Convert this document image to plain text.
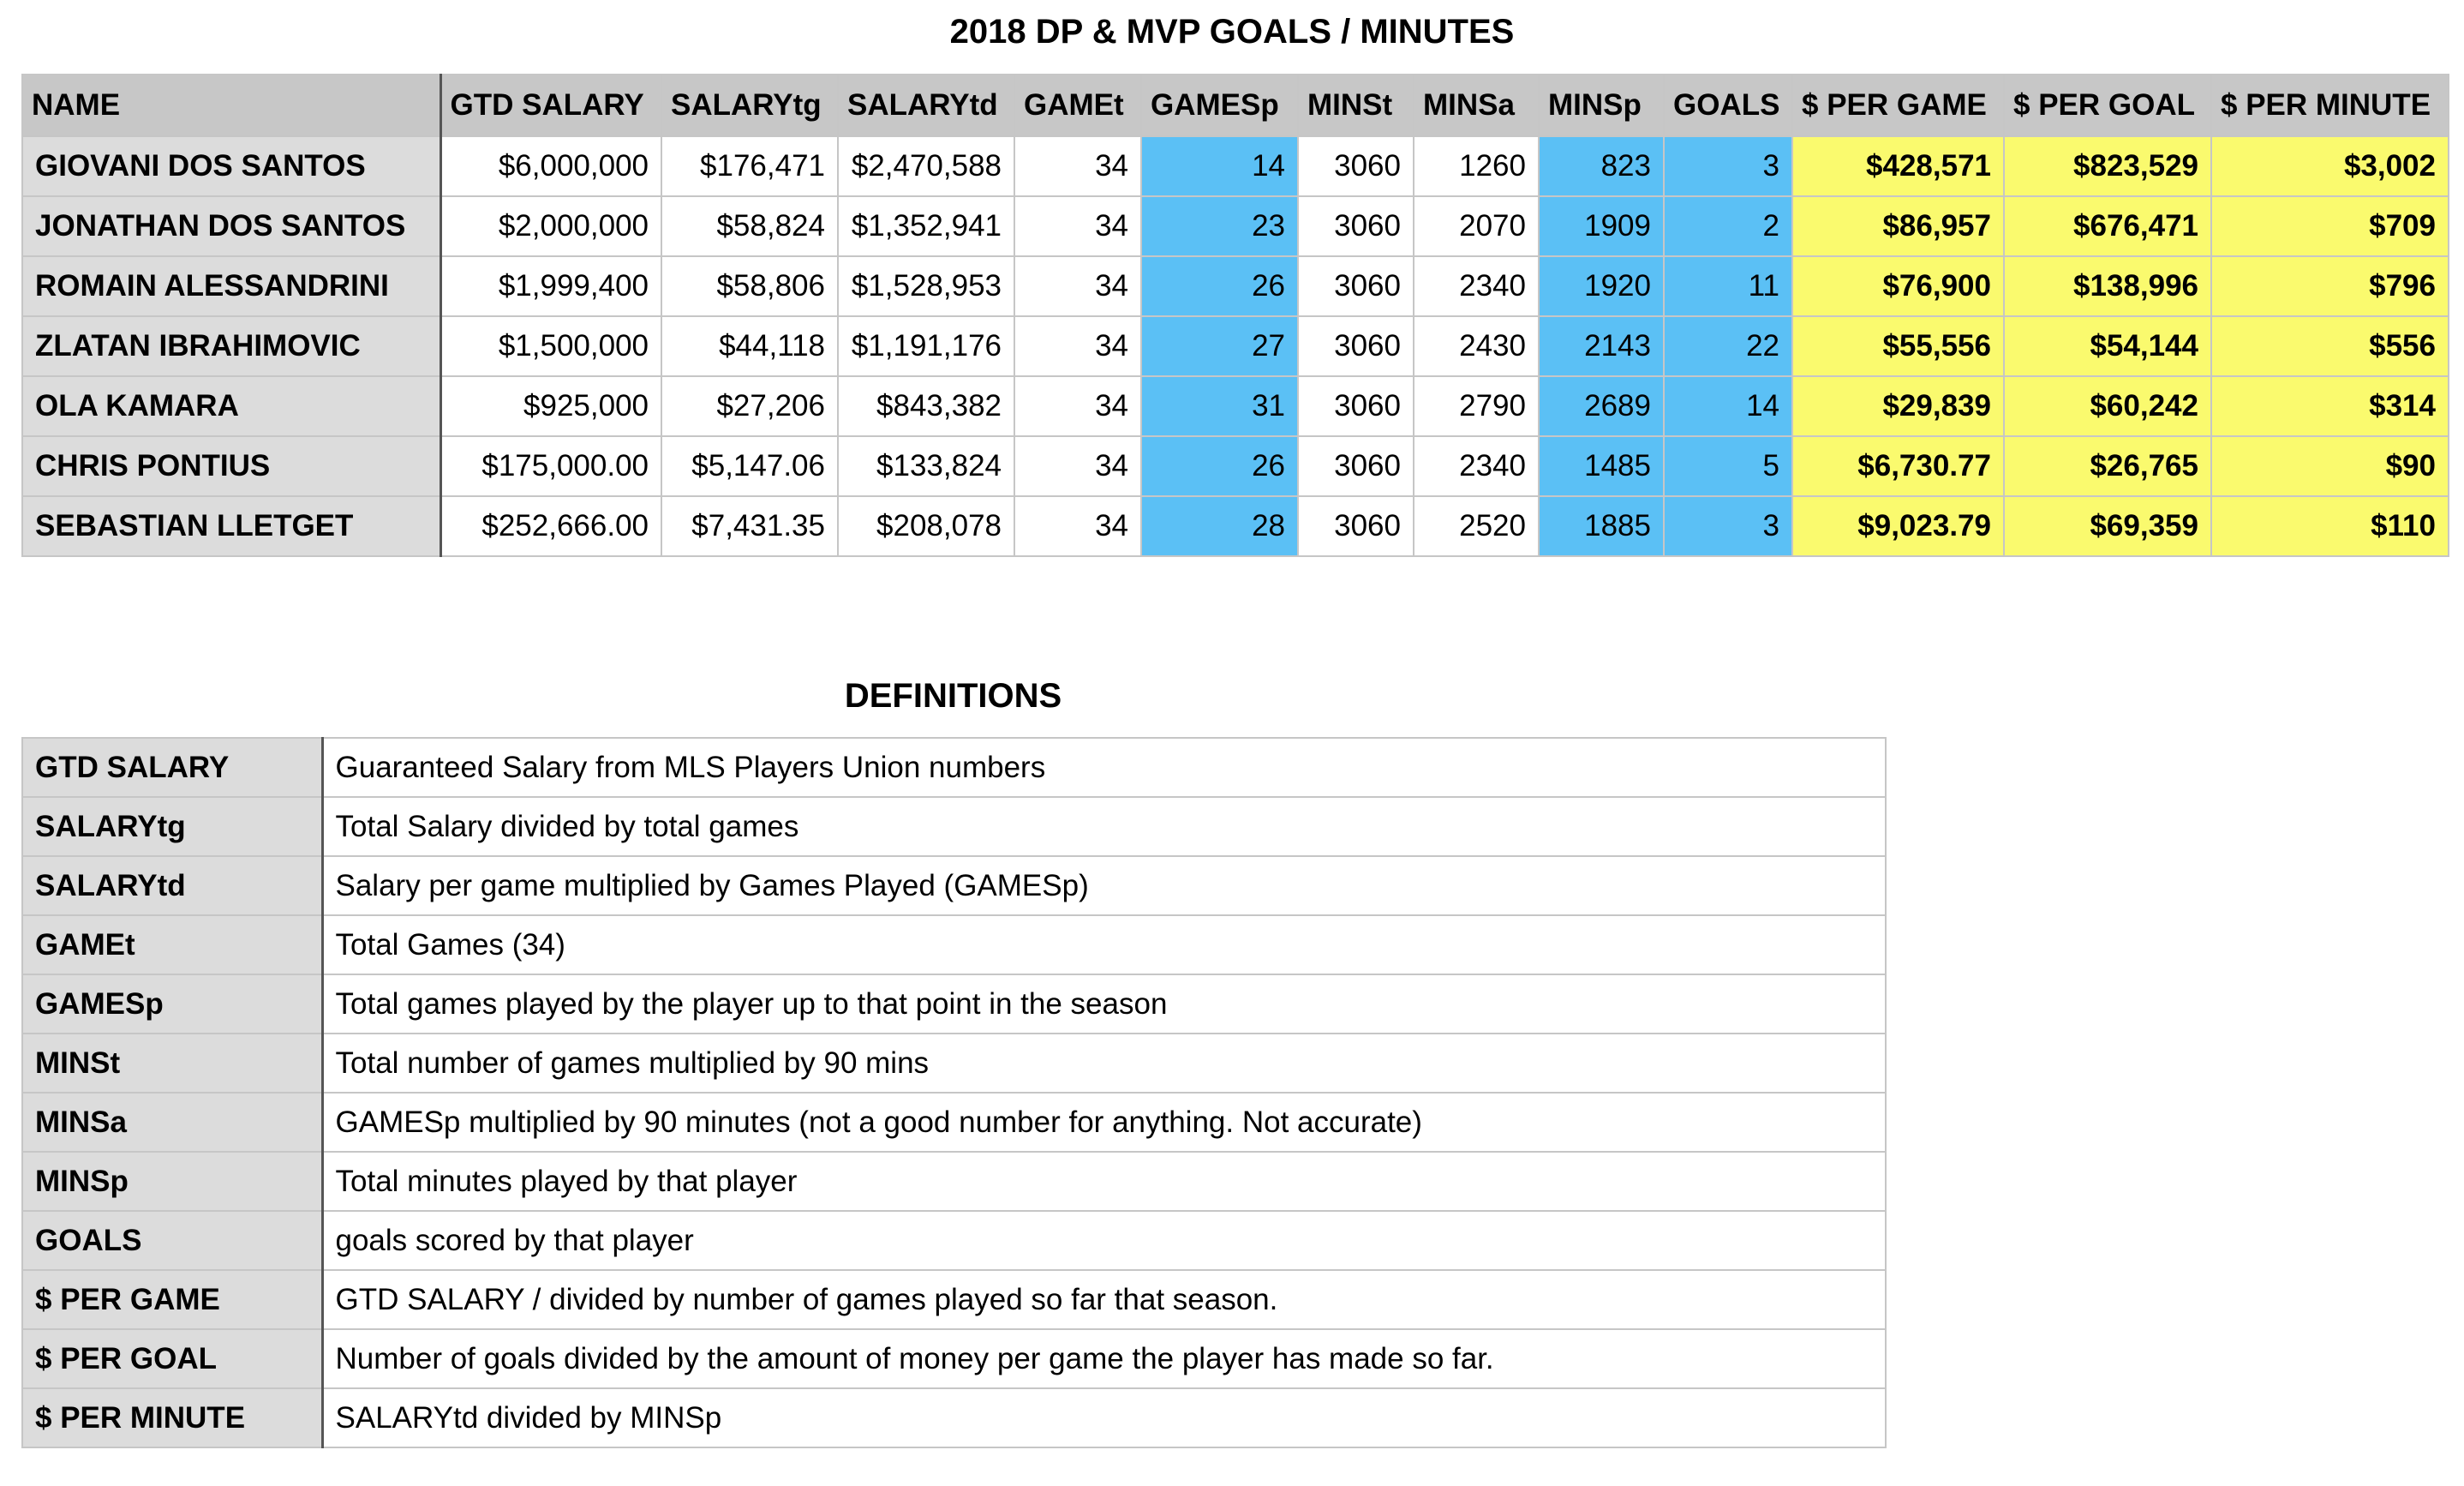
2018 DP & MVP GOALS / MINUTES
NAME	GTD SALARY	SALARYtg	SALARYtd	GAMEt	GAMESp	MINSt	MINSa	MINSp	GOALS	$ PER GAME	$ PER GOAL	$ PER MINUTE
GIOVANI DOS SANTOS	$6,000,000	$176,471	$2,470,588	34	14	3060	1260	823	3	$428,571	$823,529	$3,002
JONATHAN DOS SANTOS	$2,000,000	$58,824	$1,352,941	34	23	3060	2070	1909	2	$86,957	$676,471	$709
ROMAIN ALESSANDRINI	$1,999,400	$58,806	$1,528,953	34	26	3060	2340	1920	11	$76,900	$138,996	$796
ZLATAN IBRAHIMOVIC	$1,500,000	$44,118	$1,191,176	34	27	3060	2430	2143	22	$55,556	$54,144	$556
OLA KAMARA	$925,000	$27,206	$843,382	34	31	3060	2790	2689	14	$29,839	$60,242	$314
CHRIS PONTIUS	$175,000.00	$5,147.06	$133,824	34	26	3060	2340	1485	5	$6,730.77	$26,765	$90
SEBASTIAN LLETGET	$252,666.00	$7,431.35	$208,078	34	28	3060	2520	1885	3	$9,023.79	$69,359	$110
DEFINITIONS
GTD SALARY	Guaranteed Salary from MLS Players Union numbers
SALARYtg	Total Salary divided by total games
SALARYtd	Salary per game multiplied by Games Played (GAMESp)
GAMEt	Total Games (34)
GAMESp	Total games played by the player up to that point in the season
MINSt	Total number of games multiplied by 90 mins
MINSa	GAMESp multiplied by 90 minutes (not a good number for anything. Not accurate)
MINSp	Total minutes played by that player
GOALS	goals scored by that player
$ PER GAME	GTD SALARY / divided by number of games played so far that season.
$ PER GOAL	Number of goals divided by the amount of money per game the player has made so far.
$ PER MINUTE	SALARYtd divided by MINSp
